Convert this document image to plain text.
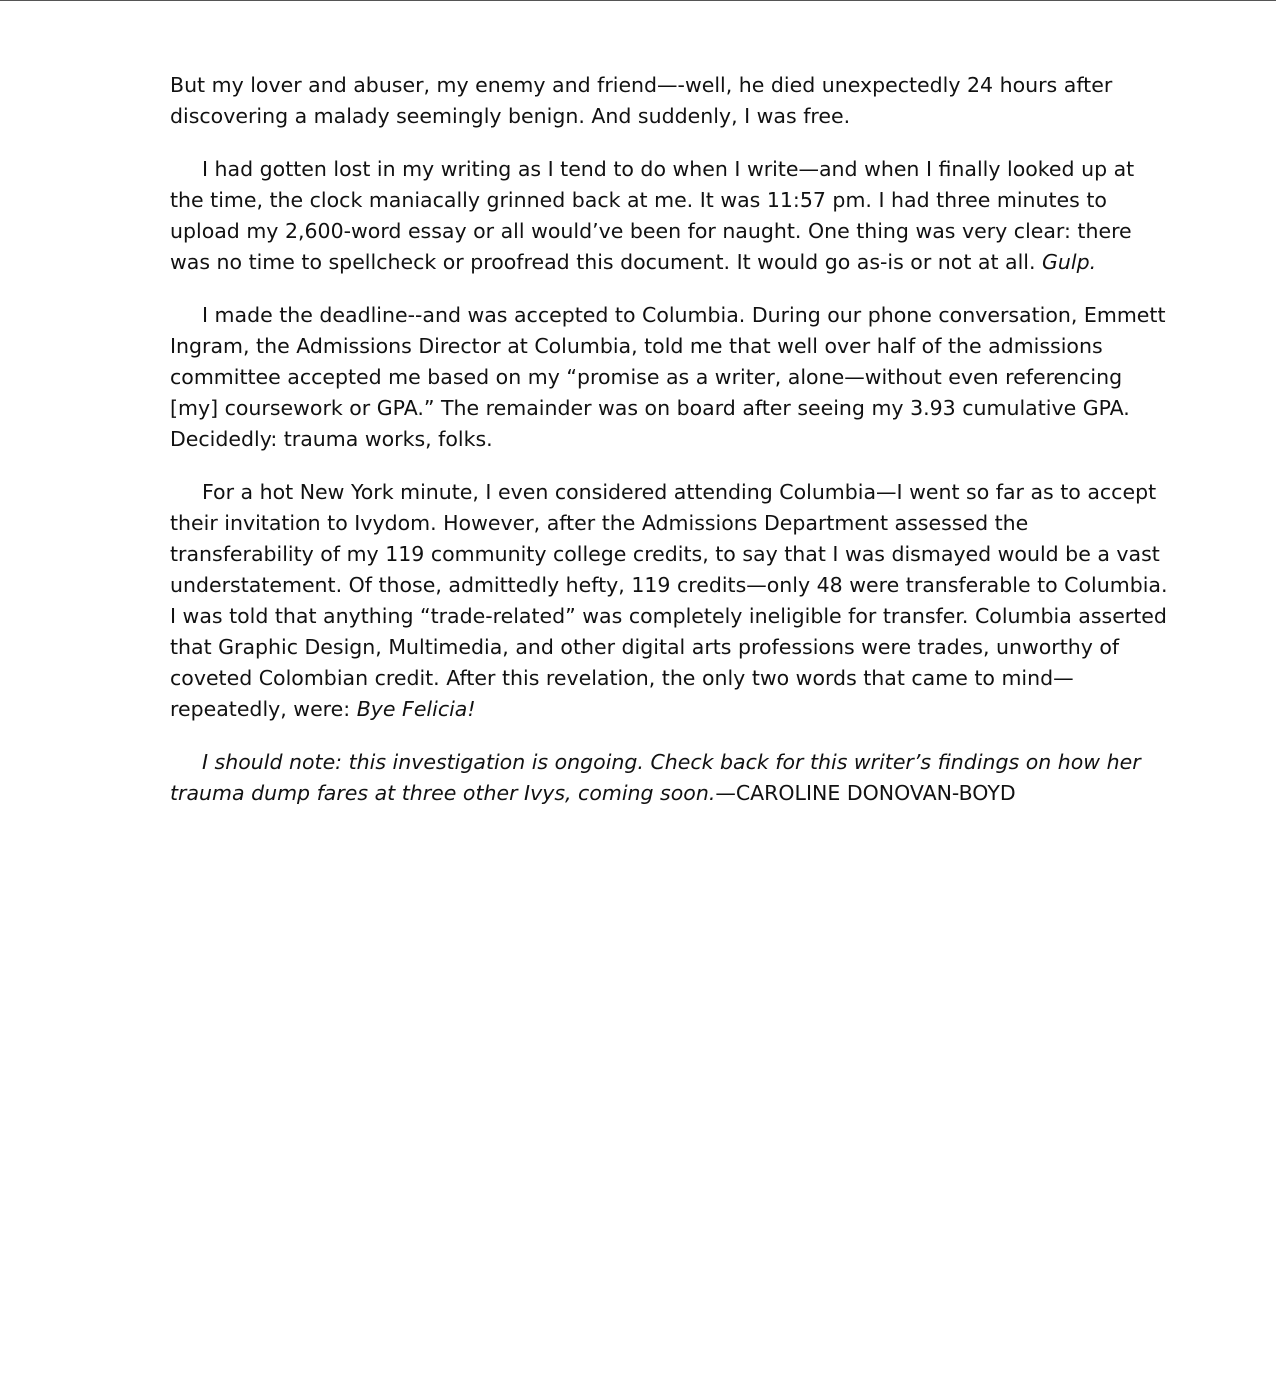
But my lover and abuser, my enemy and friend—-well, he died unexpectedly 24 hours after discovering a malady seemingly benign. And suddenly, I was free.

I had gotten lost in my writing as I tend to do when I write—and when I finally looked up at the time, the clock maniacally grinned back at me. It was 11:57 pm. I had three minutes to upload my 2,600-word essay or all would’ve been for naught. One thing was very clear: there was no time to spellcheck or proofread this document. It would go as-is or not at all. Gulp.

I made the deadline--and was accepted to Columbia. During our phone conversation, Emmett Ingram, the Admissions Director at Columbia, told me that well over half of the admissions committee accepted me based on my “promise as a writer, alone—without even referencing [my] coursework or GPA.” The remainder was on board after seeing my 3.93 cumulative GPA. Decidedly: trauma works, folks.

For a hot New York minute, I even considered attending Columbia—I went so far as to accept their invitation to Ivydom. However, after the Admissions Department assessed the transferability of my 119 community college credits, to say that I was dismayed would be a vast understatement. Of those, admittedly hefty, 119 credits—only 48 were transferable to Columbia. I was told that anything “trade-related” was completely ineligible for transfer. Columbia asserted that Graphic Design, Multimedia, and other digital arts professions were trades, unworthy of coveted Colombian credit. After this revelation, the only two words that came to mind—repeatedly, were: Bye Felicia!

I should note: this investigation is ongoing. Check back for this writer’s findings on how her trauma dump fares at three other Ivys, coming soon.—CAROLINE DONOVAN-BOYD
